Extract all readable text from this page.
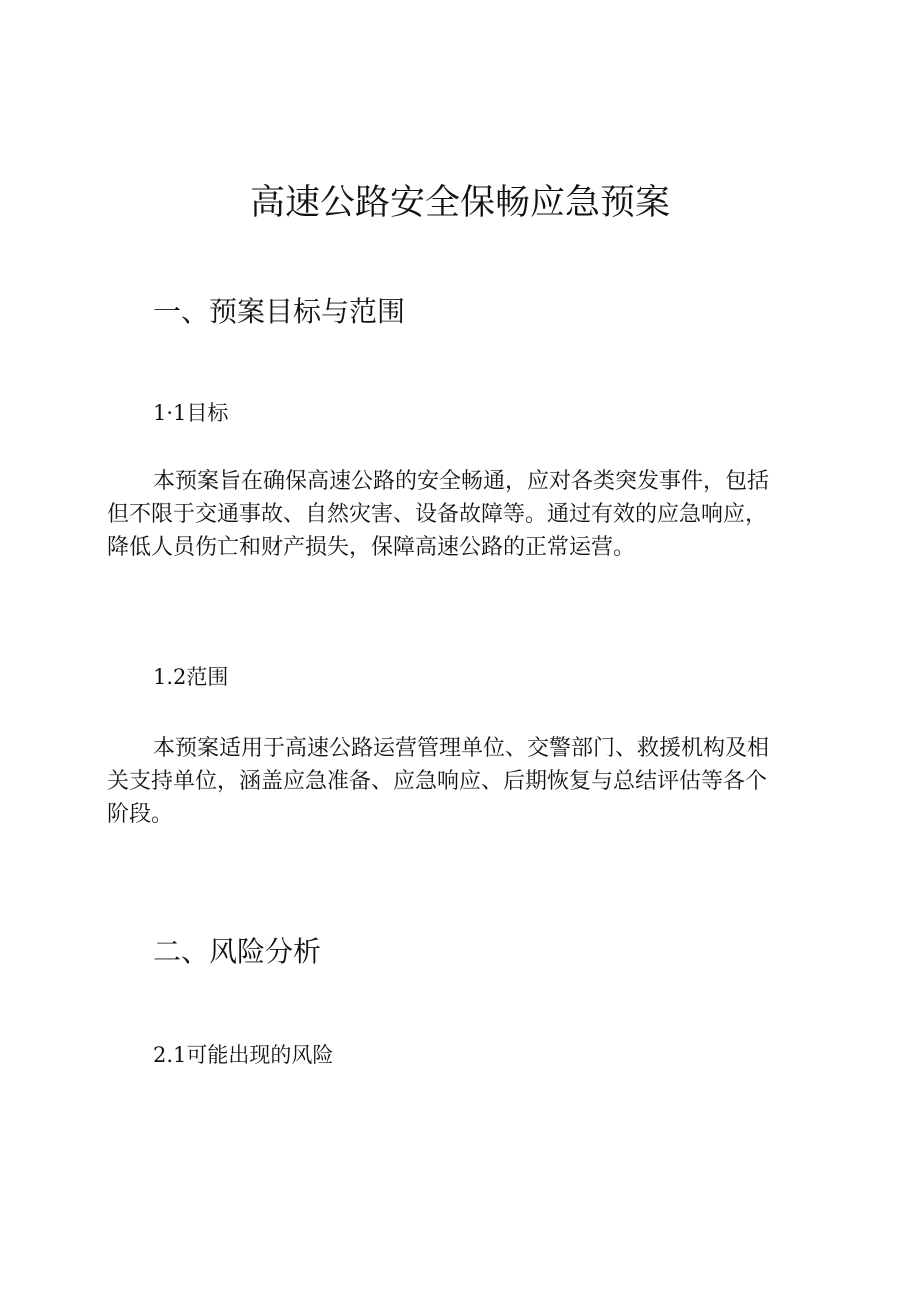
高速公路安全保畅应急预案
一、预案目标与范围
1·1目标
本预案旨在确保高速公路的安全畅通，应对各类突发事件，包括
但不限于交通事故、自然灾害、设备故障等。通过有效的应急响应，
降低人员伤亡和财产损失，保障高速公路的正常运营。
1.2范围
本预案适用于高速公路运营管理单位、交警部门、救援机构及相
关支持单位，涵盖应急准备、应急响应、后期恢复与总结评估等各个
阶段。
二、风险分析
2.1可能出现的风险
